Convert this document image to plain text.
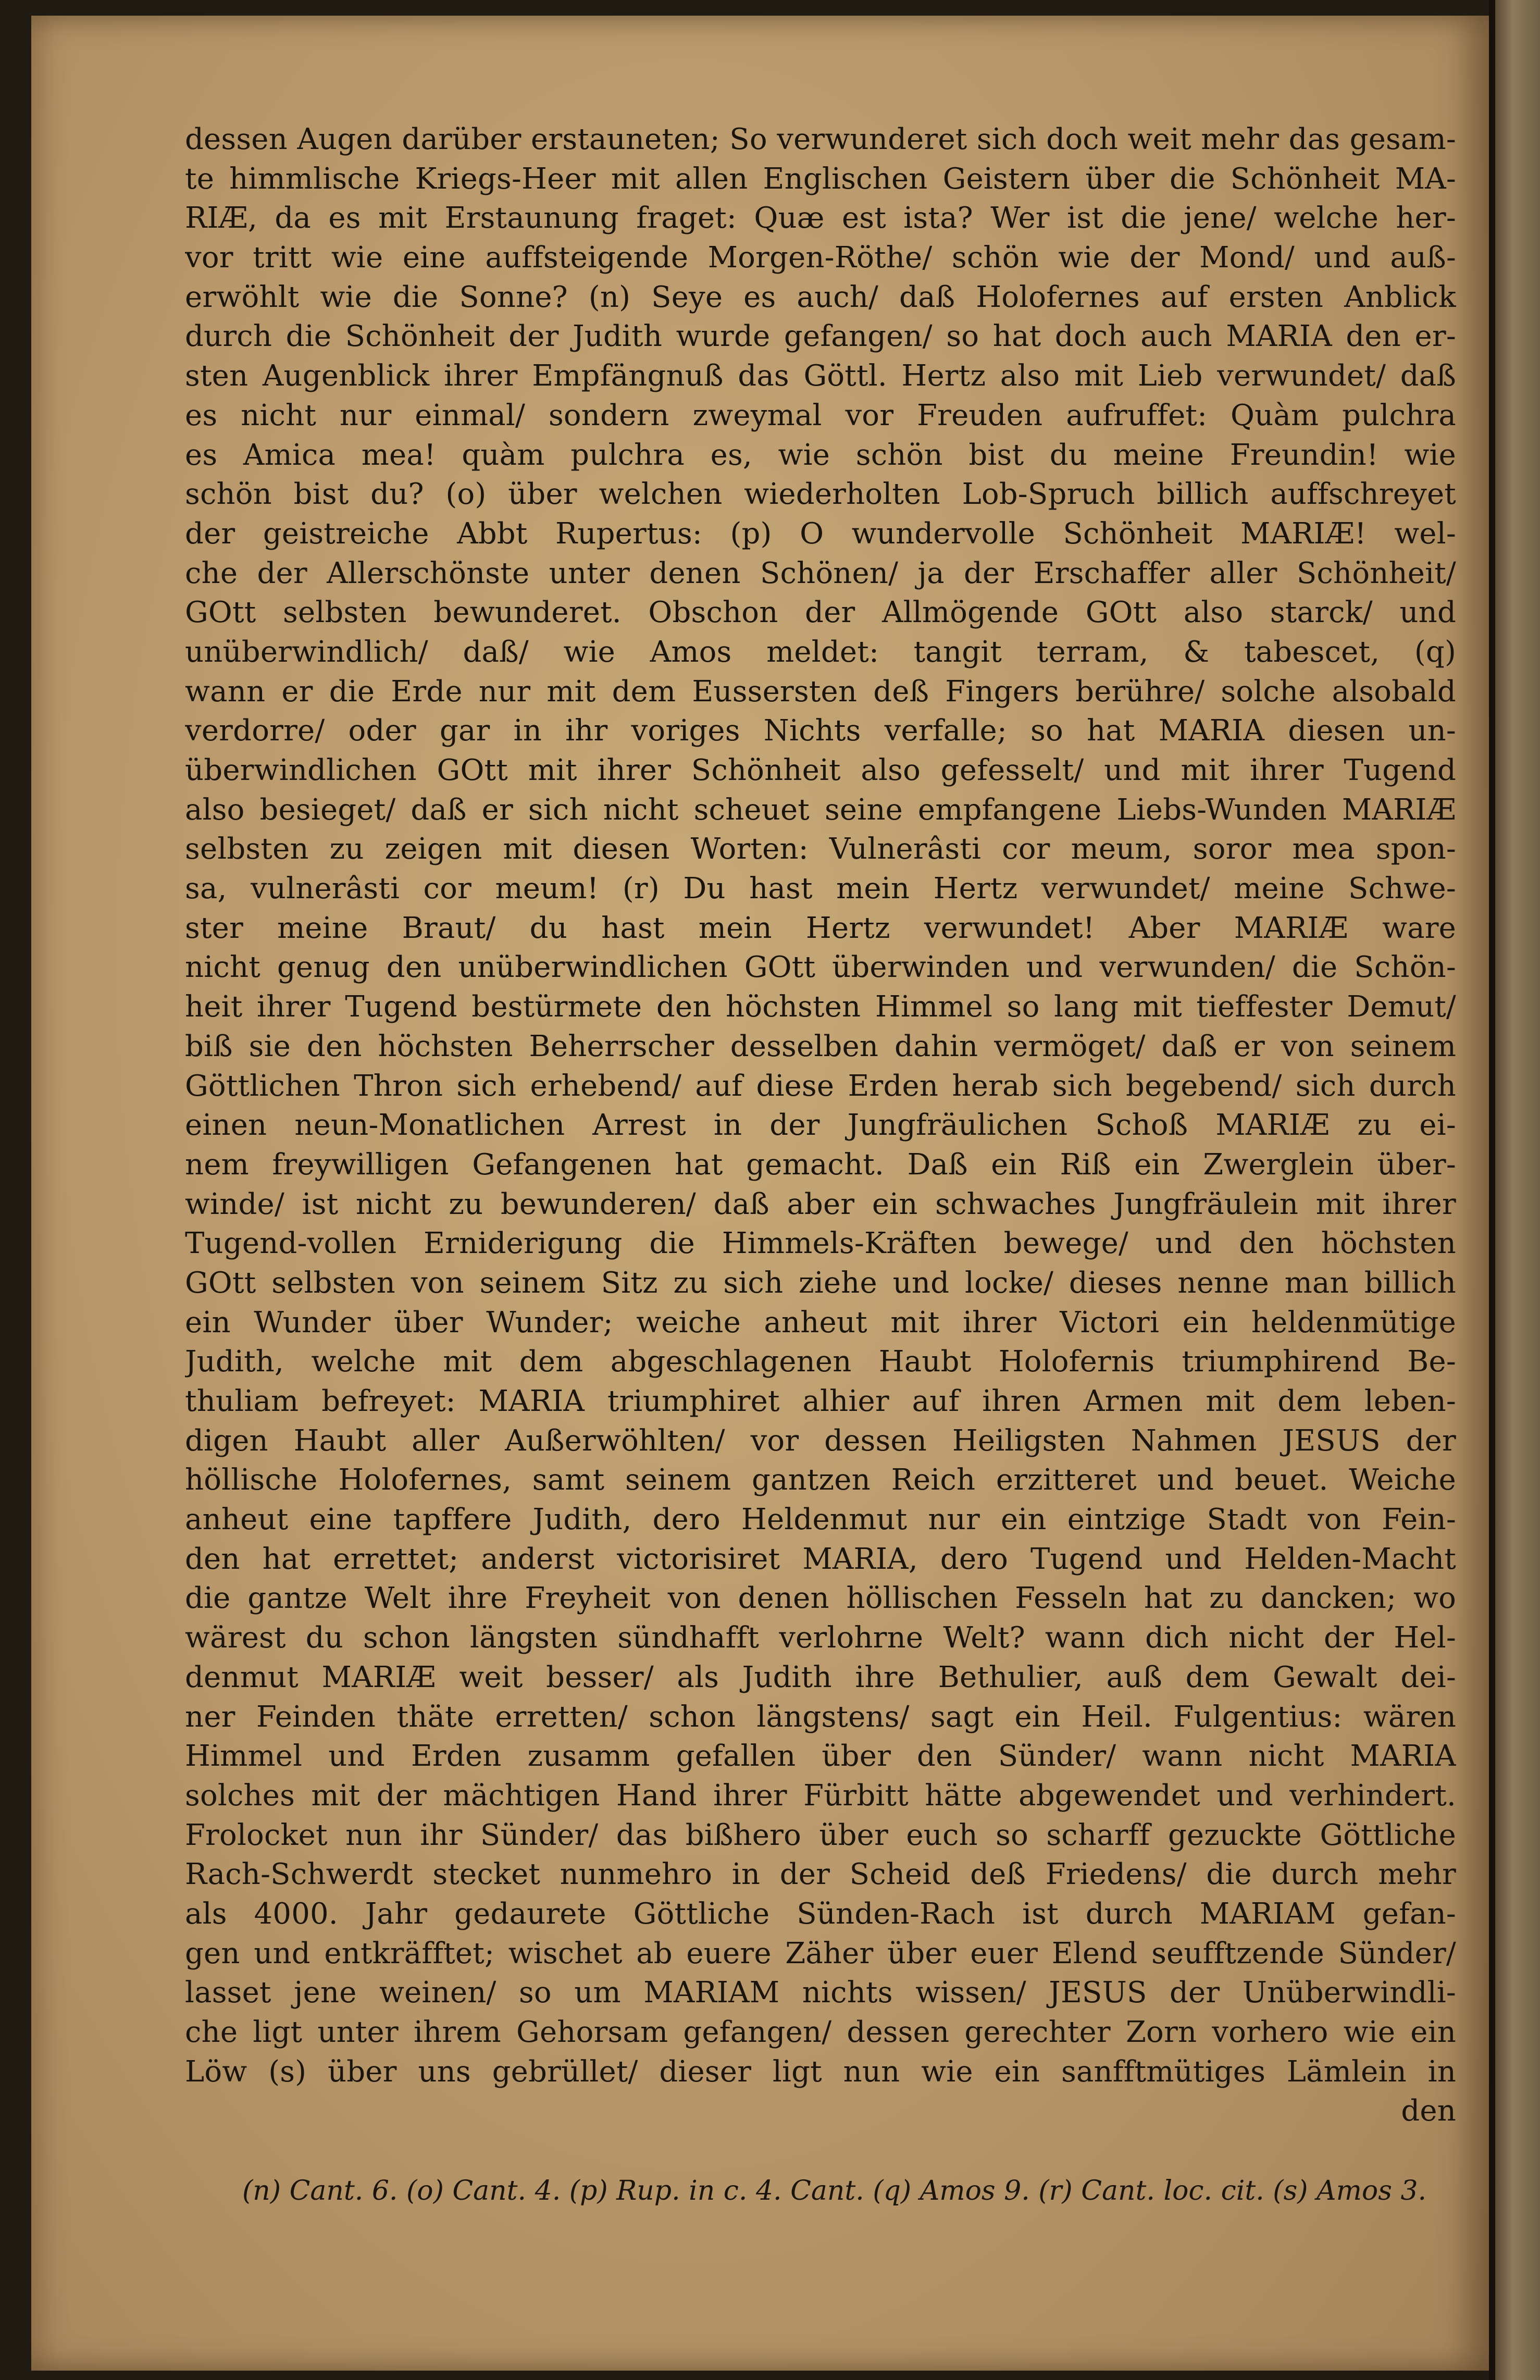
dessen Augen darüber erstauneten; So verwunderet sich doch weit mehr das gesam-
te himmlische Kriegs-Heer mit allen Englischen Geistern über die Schönheit MA-
RIÆ, da es mit Erstaunung fraget: Quæ est ista? Wer ist die jene/ welche her-
vor tritt wie eine auffsteigende Morgen-Röthe/ schön wie der Mond/ und auß-
erwöhlt wie die Sonne? (n) Seye es auch/ daß Holofernes auf ersten Anblick
durch die Schönheit der Judith wurde gefangen/ so hat doch auch MARIA den er-
sten Augenblick ihrer Empfängnuß das Göttl. Hertz also mit Lieb verwundet/ daß
es nicht nur einmal/ sondern zweymal vor Freuden aufruffet: Quàm pulchra
es Amica mea! quàm pulchra es, wie schön bist du meine Freundin! wie
schön bist du? (o) über welchen wiederholten Lob-Spruch billich auffschreyet
der geistreiche Abbt Rupertus: (p) O wundervolle Schönheit MARIÆ! wel-
che der Allerschönste unter denen Schönen/ ja der Erschaffer aller Schönheit/
GOtt selbsten bewunderet. Obschon der Allmögende GOtt also starck/ und
unüberwindlich/ daß/ wie Amos meldet: tangit terram, & tabescet, (q)
wann er die Erde nur mit dem Eussersten deß Fingers berühre/ solche alsobald
verdorre/ oder gar in ihr voriges Nichts verfalle; so hat MARIA diesen un-
überwindlichen GOtt mit ihrer Schönheit also gefesselt/ und mit ihrer Tugend
also besieget/ daß er sich nicht scheuet seine empfangene Liebs-Wunden MARIÆ
selbsten zu zeigen mit diesen Worten: Vulnerâsti cor meum, soror mea spon-
sa, vulnerâsti cor meum! (r) Du hast mein Hertz verwundet/ meine Schwe-
ster meine Braut/ du hast mein Hertz verwundet! Aber MARIÆ ware
nicht genug den unüberwindlichen GOtt überwinden und verwunden/ die Schön-
heit ihrer Tugend bestürmete den höchsten Himmel so lang mit tieffester Demut/
biß sie den höchsten Beherrscher desselben dahin vermöget/ daß er von seinem
Göttlichen Thron sich erhebend/ auf diese Erden herab sich begebend/ sich durch
einen neun-Monatlichen Arrest in der Jungfräulichen Schoß MARIÆ zu ei-
nem freywilligen Gefangenen hat gemacht. Daß ein Riß ein Zwerglein über-
winde/ ist nicht zu bewunderen/ daß aber ein schwaches Jungfräulein mit ihrer
Tugend-vollen Erniderigung die Himmels-Kräften bewege/ und den höchsten
GOtt selbsten von seinem Sitz zu sich ziehe und locke/ dieses nenne man billich
ein Wunder über Wunder; weiche anheut mit ihrer Victori ein heldenmütige
Judith, welche mit dem abgeschlagenen Haubt Holofernis triumphirend Be-
thuliam befreyet: MARIA triumphiret alhier auf ihren Armen mit dem leben-
digen Haubt aller Außerwöhlten/ vor dessen Heiligsten Nahmen JESUS der
höllische Holofernes, samt seinem gantzen Reich erzitteret und beuet. Weiche
anheut eine tapffere Judith, dero Heldenmut nur ein eintzige Stadt von Fein-
den hat errettet; anderst victorisiret MARIA, dero Tugend und Helden-Macht
die gantze Welt ihre Freyheit von denen höllischen Fesseln hat zu dancken; wo
wärest du schon längsten sündhafft verlohrne Welt? wann dich nicht der Hel-
denmut MARIÆ weit besser/ als Judith ihre Bethulier, auß dem Gewalt dei-
ner Feinden thäte erretten/ schon längstens/ sagt ein Heil. Fulgentius: wären
Himmel und Erden zusamm gefallen über den Sünder/ wann nicht MARIA
solches mit der mächtigen Hand ihrer Fürbitt hätte abgewendet und verhindert.
Frolocket nun ihr Sünder/ das bißhero über euch so scharff gezuckte Göttliche
Rach-Schwerdt stecket nunmehro in der Scheid deß Friedens/ die durch mehr
als 4000. Jahr gedaurete Göttliche Sünden-Rach ist durch MARIAM gefan-
gen und entkräfftet; wischet ab euere Zäher über euer Elend seufftzende Sünder/
lasset jene weinen/ so um MARIAM nichts wissen/ JESUS der Unüberwindli-
che ligt unter ihrem Gehorsam gefangen/ dessen gerechter Zorn vorhero wie ein
Löw (s) über uns gebrüllet/ dieser ligt nun wie ein sanfftmütiges Lämlein in
den
(n) Cant. 6. (o) Cant. 4. (p) Rup. in c. 4. Cant. (q) Amos 9. (r) Cant. loc. cit. (s) Amos 3.
